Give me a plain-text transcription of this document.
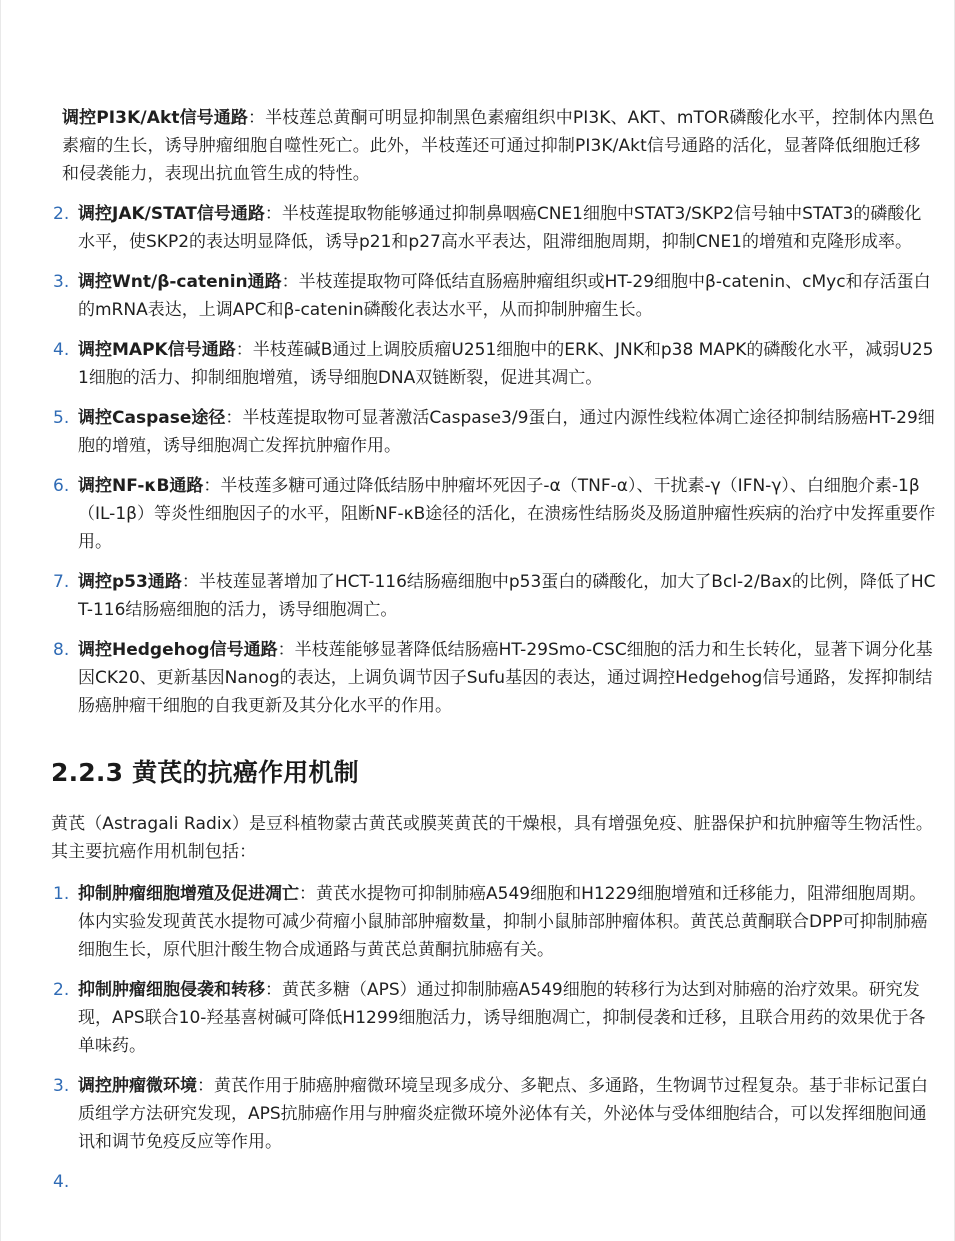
调控PI3K/Akt信号通路：半枝莲总黄酮可明显抑制黑色素瘤组织中PI3K、AKT、mTOR磷酸化水平，控制体内黑色素瘤的生长，诱导肿瘤细胞自噬性死亡。此外，半枝莲还可通过抑制PI3K/Akt信号通路的活化，显著降低细胞迁移和侵袭能力，表现出抗血管生成的特性。

2. 调控JAK/STAT信号通路：半枝莲提取物能够通过抑制鼻咽癌CNE1细胞中STAT3/SKP2信号轴中STAT3的磷酸化水平，使SKP2的表达明显降低，诱导p21和p27高水平表达，阻滞细胞周期，抑制CNE1的增殖和克隆形成率。
3. 调控Wnt/β-catenin通路：半枝莲提取物可降低结直肠癌肿瘤组织或HT-29细胞中β-catenin、cMyc和存活蛋白的mRNA表达，上调APC和β-catenin磷酸化表达水平，从而抑制肿瘤生长。
4. 调控MAPK信号通路：半枝莲碱B通过上调胶质瘤U251细胞中的ERK、JNK和p38 MAPK的磷酸化水平，减弱U251细胞的活力、抑制细胞增殖，诱导细胞DNA双链断裂，促进其凋亡。
5. 调控Caspase途径：半枝莲提取物可显著激活Caspase3/9蛋白，通过内源性线粒体凋亡途径抑制结肠癌HT-29细胞的增殖，诱导细胞凋亡发挥抗肿瘤作用。
6. 调控NF-κB通路：半枝莲多糖可通过降低结肠中肿瘤坏死因子-α（TNF-α）、干扰素-γ（IFN-γ）、白细胞介素-1β（IL-1β）等炎性细胞因子的水平，阻断NF-κB途径的活化，在溃疡性结肠炎及肠道肿瘤性疾病的治疗中发挥重要作用。
7. 调控p53通路：半枝莲显著增加了HCT-116结肠癌细胞中p53蛋白的磷酸化，加大了Bcl-2/Bax的比例，降低了HCT-116结肠癌细胞的活力，诱导细胞凋亡。
8. 调控Hedgehog信号通路：半枝莲能够显著降低结肠癌HT-29Smo-CSC细胞的活力和生长转化，显著下调分化基因CK20、更新基因Nanog的表达，上调负调节因子Sufu基因的表达，通过调控Hedgehog信号通路，发挥抑制结肠癌肿瘤干细胞的自我更新及其分化水平的作用。
2.2.3 黄芪的抗癌作用机制

黄芪（Astragali Radix）是豆科植物蒙古黄芪或膜荚黄芪的干燥根，具有增强免疫、脏器保护和抗肿瘤等生物活性。其主要抗癌作用机制包括：

1. 抑制肿瘤细胞增殖及促进凋亡：黄芪水提物可抑制肺癌A549细胞和H1229细胞增殖和迁移能力，阻滞细胞周期。体内实验发现黄芪水提物可减少荷瘤小鼠肺部肿瘤数量，抑制小鼠肺部肿瘤体积。黄芪总黄酮联合DPP可抑制肺癌细胞生长，原代胆汁酸生物合成通路与黄芪总黄酮抗肺癌有关。
2. 抑制肿瘤细胞侵袭和转移：黄芪多糖（APS）通过抑制肺癌A549细胞的转移行为达到对肺癌的治疗效果。研究发现，APS联合10-羟基喜树碱可降低H1299细胞活力，诱导细胞凋亡，抑制侵袭和迁移，且联合用药的效果优于各单味药。
3. 调控肿瘤微环境：黄芪作用于肺癌肿瘤微环境呈现多成分、多靶点、多通路，生物调节过程复杂。基于非标记蛋白质组学方法研究发现，APS抗肺癌作用与肿瘤炎症微环境外泌体有关，外泌体与受体细胞结合，可以发挥细胞间通讯和调节免疫反应等作用。
4.
